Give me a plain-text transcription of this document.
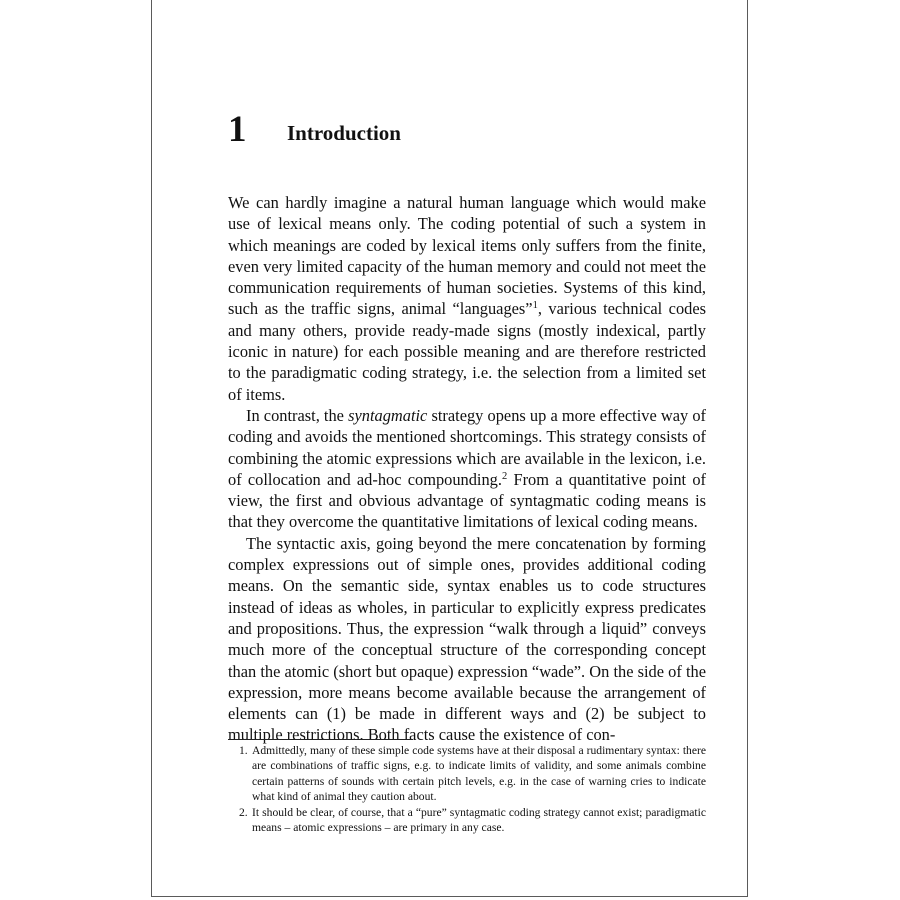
1 Introduction

We can hardly imagine a natural human language which would make use of lexical means only. The coding potential of such a system in which meanings are coded by lexical items only suffers from the finite, even very limited capacity of the human memory and could not meet the communication requirements of human societies. Systems of this kind, such as the traffic signs, animal “languages”$^1$, various technical codes and many others, provide ready-made signs (mostly indexical, partly iconic in nature) for each possible meaning and are therefore restricted to the paradigmatic coding strategy, i.e. the selection from a limited set of items.

In contrast, the syntagmatic strategy opens up a more effective way of coding and avoids the mentioned shortcomings. This strategy consists of combining the atomic expressions which are available in the lexicon, i.e. of collocation and ad-hoc compounding.$^2$ From a quantitative point of view, the first and obvious advantage of syntagmatic coding means is that they overcome the quantitative limitations of lexical coding means.

The syntactic axis, going beyond the mere concatenation by forming complex expressions out of simple ones, provides additional coding means. On the semantic side, syntax enables us to code structures instead of ideas as wholes, in particular to explicitly express predicates and propositions. Thus, the expression “walk through a liquid” conveys much more of the conceptual structure of the corresponding concept than the atomic (short but opaque) expression “wade”. On the side of the expression, more means become available because the arrangement of elements can (1) be made in different ways and (2) be subject to multiple restrictions. Both facts cause the existence of con-

1. Admittedly, many of these simple code systems have at their disposal a rudimentary syntax: there are combinations of traffic signs, e.g. to indicate limits of validity, and some animals combine certain patterns of sounds with certain pitch levels, e.g. in the case of warning cries to indicate what kind of animal they caution about.

2. It should be clear, of course, that a “pure” syntagmatic coding strategy cannot exist; paradigmatic means – atomic expressions – are primary in any case.
